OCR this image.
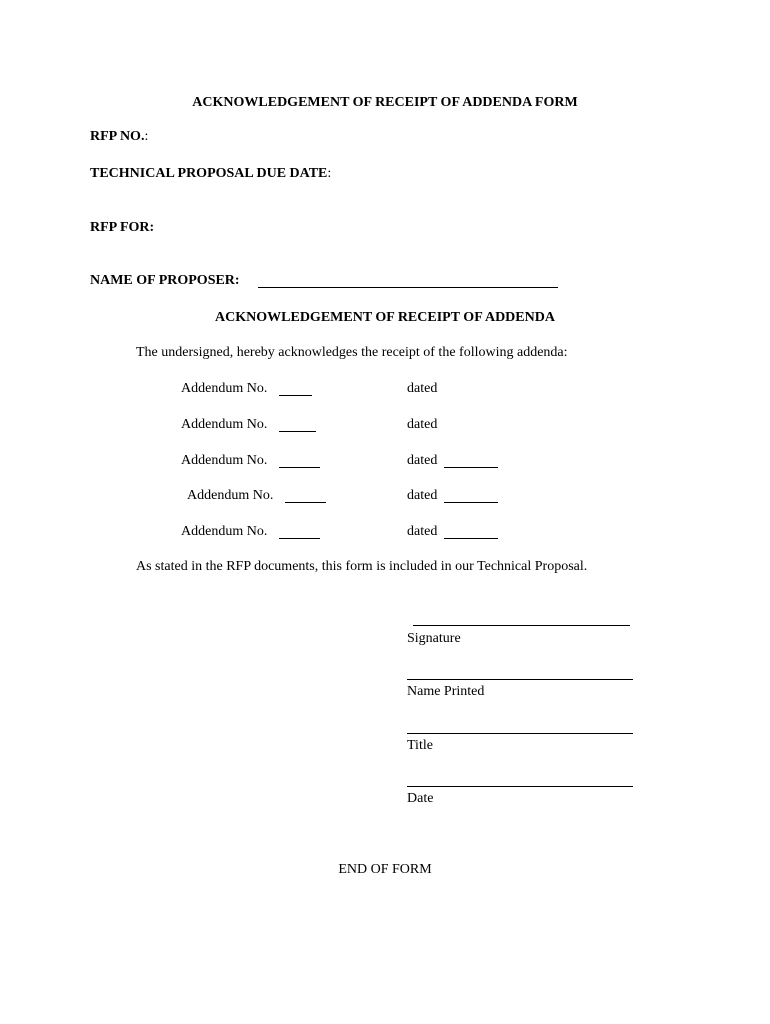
ACKNOWLEDGEMENT OF RECEIPT OF ADDENDA FORM
RFP NO.:
TECHNICAL PROPOSAL DUE DATE:
RFP FOR:
NAME OF PROPOSER:
ACKNOWLEDGEMENT OF RECEIPT OF ADDENDA
The undersigned, hereby acknowledges the receipt of the following addenda:
Addendum No.	dated
Addendum No.	dated
Addendum No.	dated
Addendum No.	dated
Addendum No.	dated
As stated in the RFP documents, this form is included in our Technical Proposal.
Signature
Name Printed
Title
Date
END OF FORM
